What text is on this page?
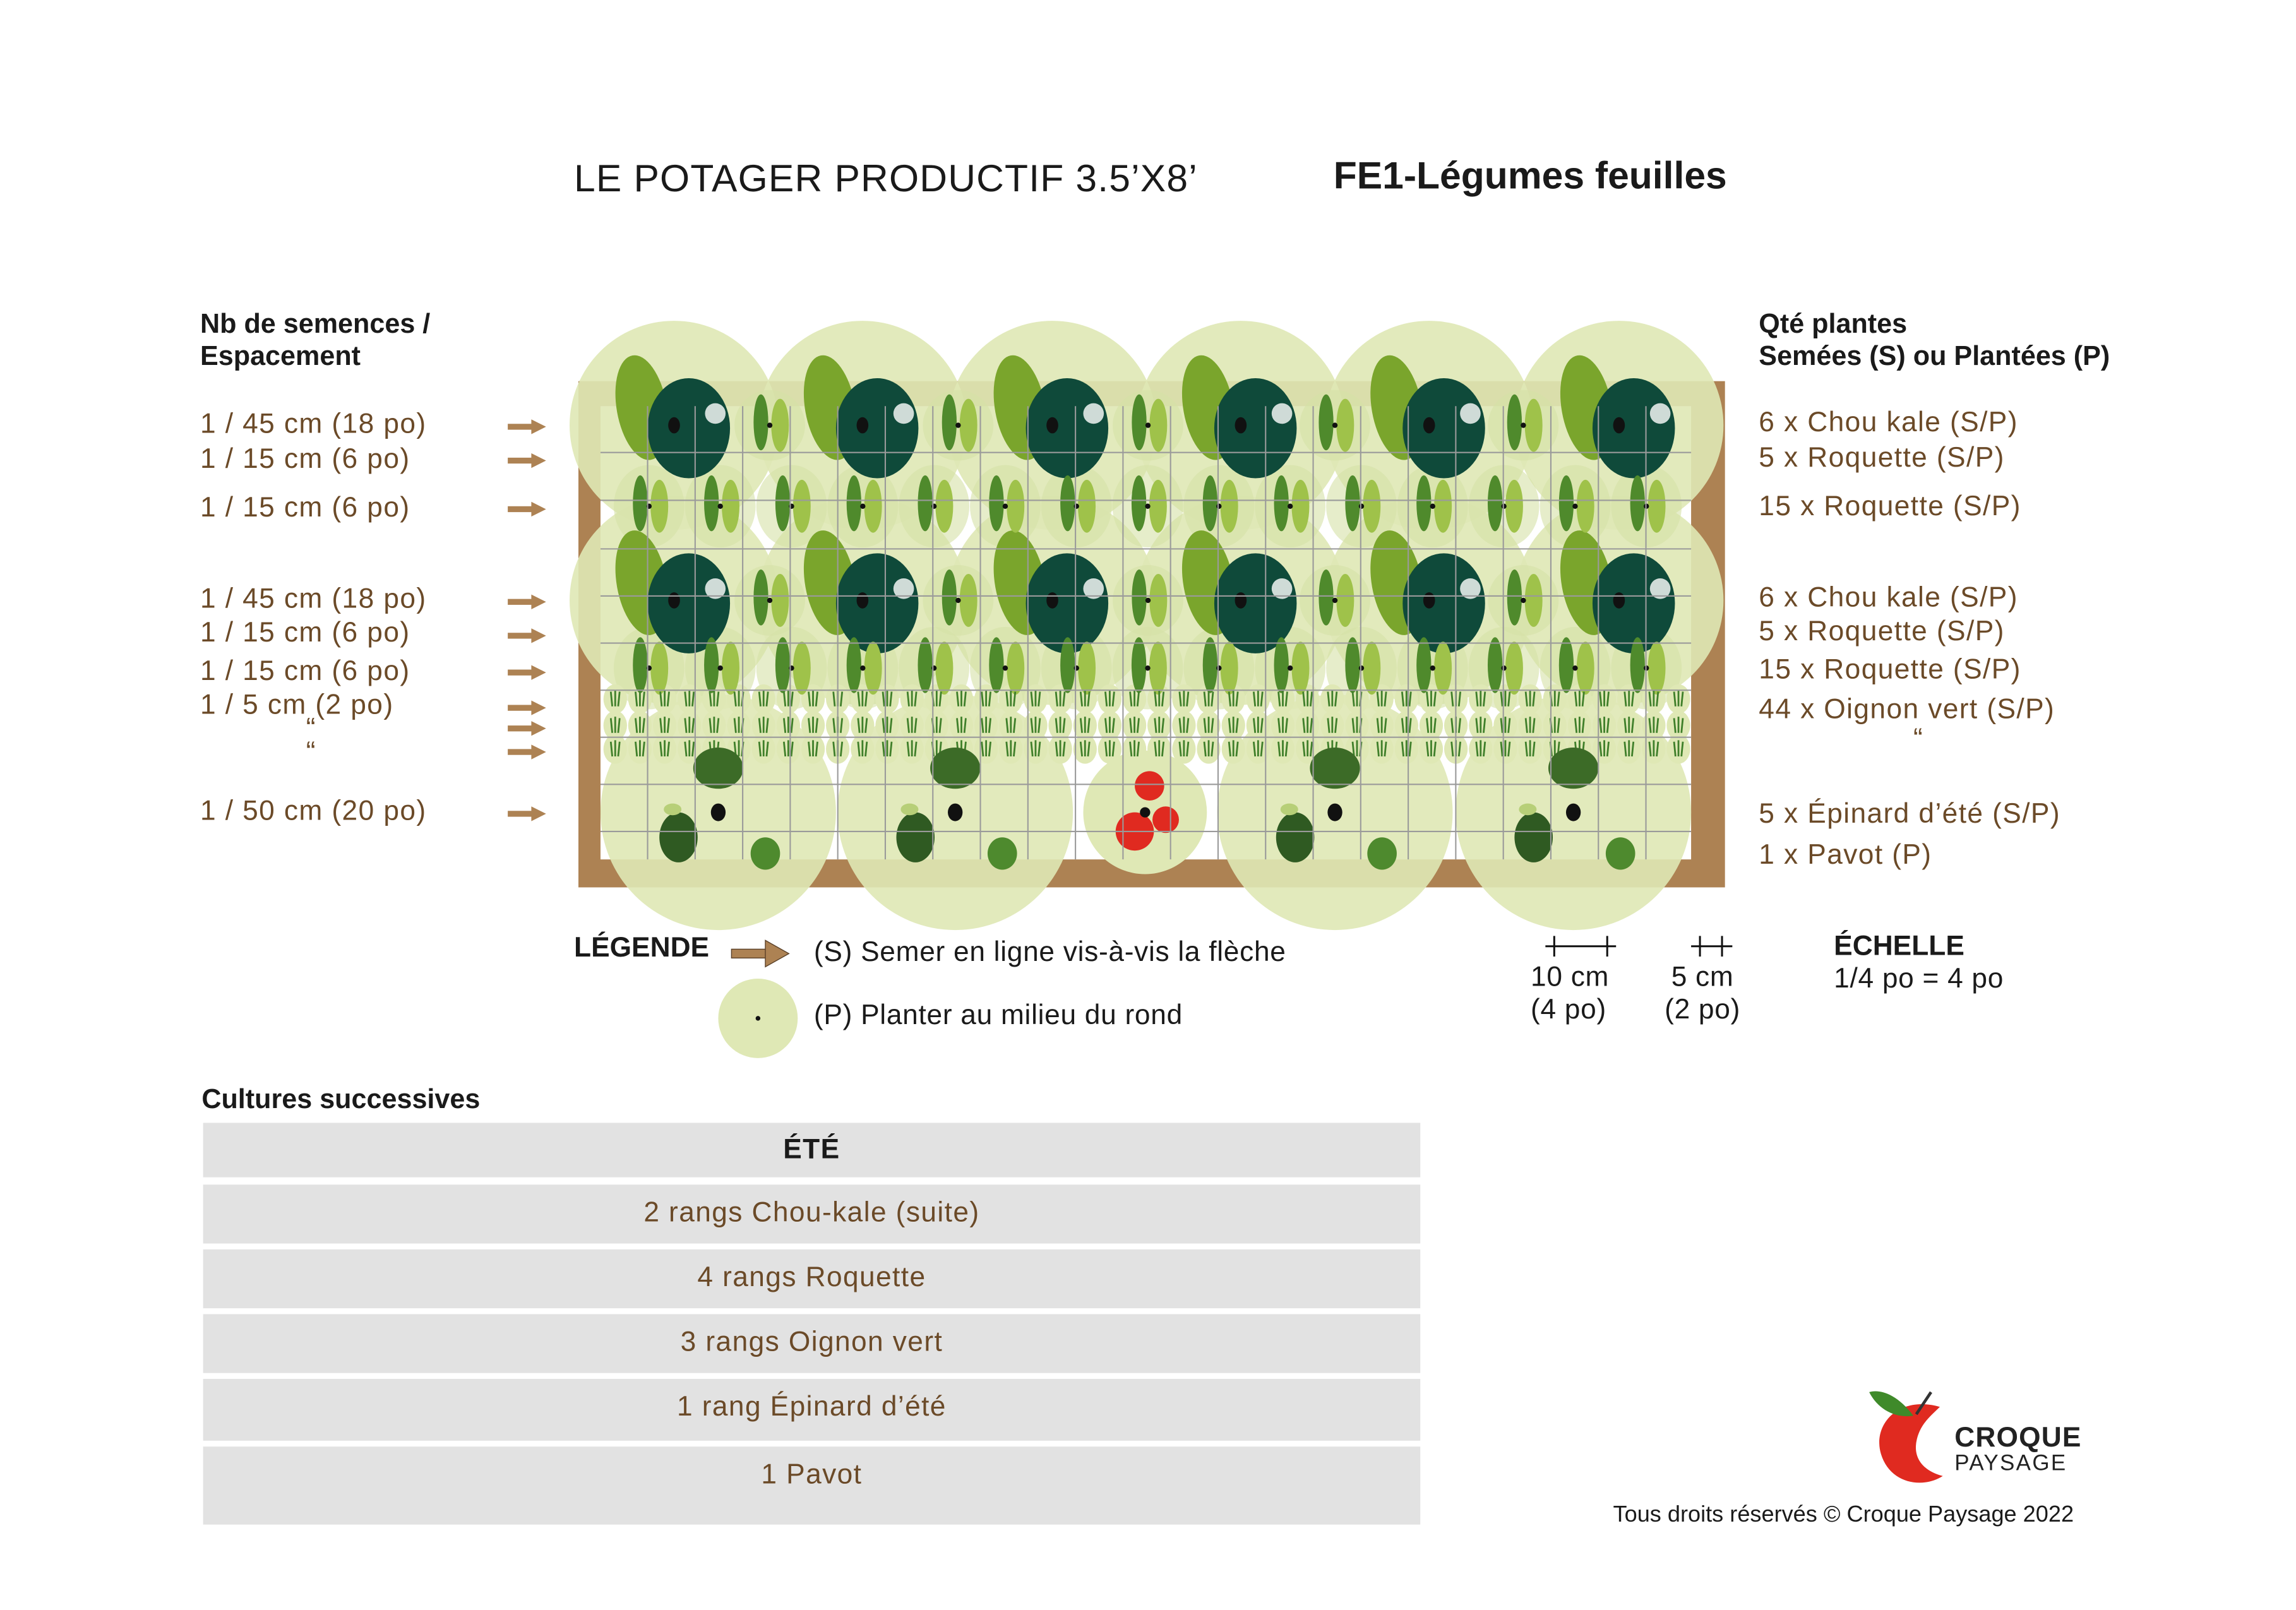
LE POTAGER PRODUCTIF 3.5’X8’	FE1-Légumes feuilles
Nb de semences /
Espacement
Qté plantes
Semées (S) ou Plantées (P)
1 / 45 cm (18 po)
1 / 15 cm (6 po)
1 / 15 cm (6 po)
1 / 45 cm (18 po)
1 / 15 cm (6 po)
1 / 15 cm (6 po)
1 / 5 cm (2 po)
“
“
1 / 50 cm (20 po)
6 x Chou kale (S/P)
5 x Roquette (S/P)
15 x Roquette (S/P)
6 x Chou kale (S/P)
5 x Roquette (S/P)
15 x Roquette (S/P)
44 x Oignon vert (S/P)
“
5 x Épinard d’été (S/P)
1 x Pavot (P)
LÉGENDE	(S) Semer en ligne vis-à-vis la flèche
(P) Planter au milieu du rond
10 cm
(4 po)
5 cm
(2 po)
ÉCHELLE
1/4 po = 4 po
Cultures successives
ÉTÉ
2 rangs Chou-kale (suite)
4 rangs Roquette
3 rangs Oignon vert
1 rang Épinard d’été
1 Pavot
CROQUE
PAYSAGE
Tous droits réservés © Croque Paysage 2022
